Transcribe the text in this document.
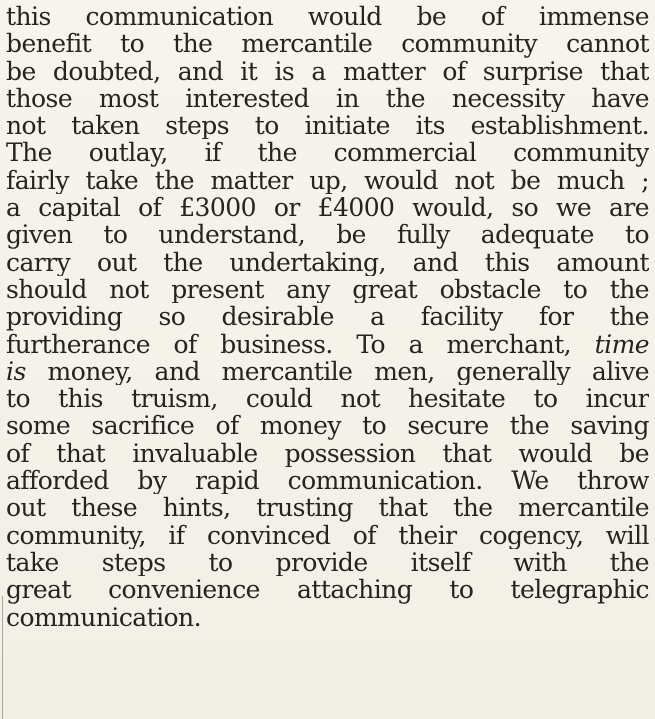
this communication would be of immense
benefit to the mercantile community cannot
be doubted, and it is a matter of surprise that
those most interested in the necessity have
not taken steps to initiate its establishment.
The outlay, if the commercial community
fairly take the matter up, would not be much ;
a capital of £3000 or £4000 would, so we are
given to understand, be fully adequate to
carry out the undertaking, and this amount
should not present any great obstacle to the
providing so desirable a facility for the
furtherance of business. To a merchant, time
is money, and mercantile men, generally alive
to this truism, could not hesitate to incur
some sacrifice of money to secure the saving
of that invaluable possession that would be
afforded by rapid communication. We throw
out these hints, trusting that the mercantile
community, if convinced of their cogency, will
take steps to provide itself with the
great convenience attaching to telegraphic
communication.
